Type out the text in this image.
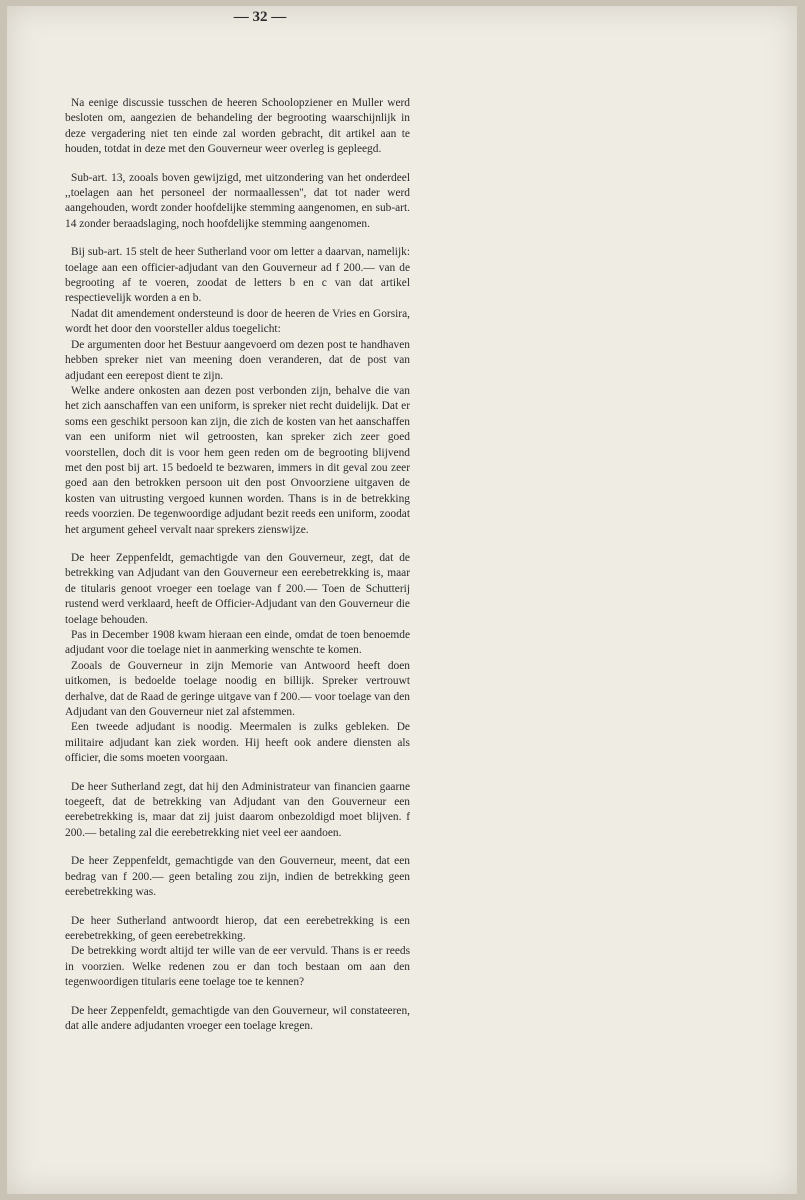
— 32 —

Na eenige discussie tusschen de heeren Schoolopziener en Muller werd besloten om, aangezien de behandeling der begrooting waarschijnlijk in deze vergadering niet ten einde zal worden gebracht, dit artikel aan te houden, totdat in deze met den Gouverneur weer overleg is gepleegd.

Sub-art. 13, zooals boven gewijzigd, met uitzondering van het onderdeel ,,toelagen aan het personeel der normaallessen'', dat tot nader werd aangehouden, wordt zonder hoofdelijke stemming aangenomen, en sub-art. 14 zonder beraadslaging, noch hoofdelijke stemming aangenomen.

Bij sub-art. 15 stelt de heer Sutherland voor om letter a daarvan, namelijk: toelage aan een officier-adjudant van den Gouverneur ad f 200.— van de begrooting af te voeren, zoodat de letters b en c van dat artikel respectievelijk worden a en b.

Nadat dit amendement ondersteund is door de heeren de Vries en Gorsira, wordt het door den voorsteller aldus toegelicht:

De argumenten door het Bestuur aangevoerd om dezen post te handhaven hebben spreker niet van meening doen veranderen, dat de post van adjudant een eerepost dient te zijn.

Welke andere onkosten aan dezen post verbonden zijn, behalve die van het zich aanschaffen van een uniform, is spreker niet recht duidelijk. Dat er soms een geschikt persoon kan zijn, die zich de kosten van het aanschaffen van een uniform niet wil getroosten, kan spreker zich zeer goed voorstellen, doch dit is voor hem geen reden om de begrooting blijvend met den post bij art. 15 bedoeld te bezwaren, immers in dit geval zou zeer goed aan den betrokken persoon uit den post Onvoorziene uitgaven de kosten van uitrusting vergoed kunnen worden. Thans is in de betrekking reeds voorzien. De tegenwoordige adjudant bezit reeds een uniform, zoodat het argument geheel vervalt naar sprekers zienswijze.

De heer Zeppenfeldt, gemachtigde van den Gouverneur, zegt, dat de betrekking van Adjudant van den Gouverneur een eerebetrekking is, maar de titularis genoot vroeger een toelage van f 200.— Toen de Schutterij rustend werd verklaard, heeft de Officier-Adjudant van den Gouverneur die toelage behouden.

Pas in December 1908 kwam hieraan een einde, omdat de toen benoemde adjudant voor die toelage niet in aanmerking wenschte te komen.

Zooals de Gouverneur in zijn Memorie van Antwoord heeft doen uitkomen, is bedoelde toelage noodig en billijk. Spreker vertrouwt derhalve, dat de Raad de geringe uitgave van f 200.— voor toelage van den Adjudant van den Gouverneur niet zal afstemmen.

Een tweede adjudant is noodig. Meermalen is zulks gebleken. De militaire adjudant kan ziek worden. Hij heeft ook andere diensten als officier, die soms moeten voorgaan.

De heer Sutherland zegt, dat hij den Administrateur van financien gaarne toegeeft, dat de betrekking van Adjudant van den Gouverneur een eerebetrekking is, maar dat zij juist daarom onbezoldigd moet blijven. f 200.— betaling zal die eerebetrekking niet veel eer aandoen.

De heer Zeppenfeldt, gemachtigde van den Gouverneur, meent, dat een bedrag van f 200.— geen betaling zou zijn, indien de betrekking geen eerebetrekking was.

De heer Sutherland antwoordt hierop, dat een eerebetrekking is een eerebetrekking, of geen eerebetrekking.

De betrekking wordt altijd ter wille van de eer vervuld. Thans is er reeds in voorzien. Welke redenen zou er dan toch bestaan om aan den tegenwoordigen titularis eene toelage toe te kennen?

De heer Zeppenfeldt, gemachtigde van den Gouverneur, wil constateeren, dat alle andere adjudanten vroeger een toelage kregen.
